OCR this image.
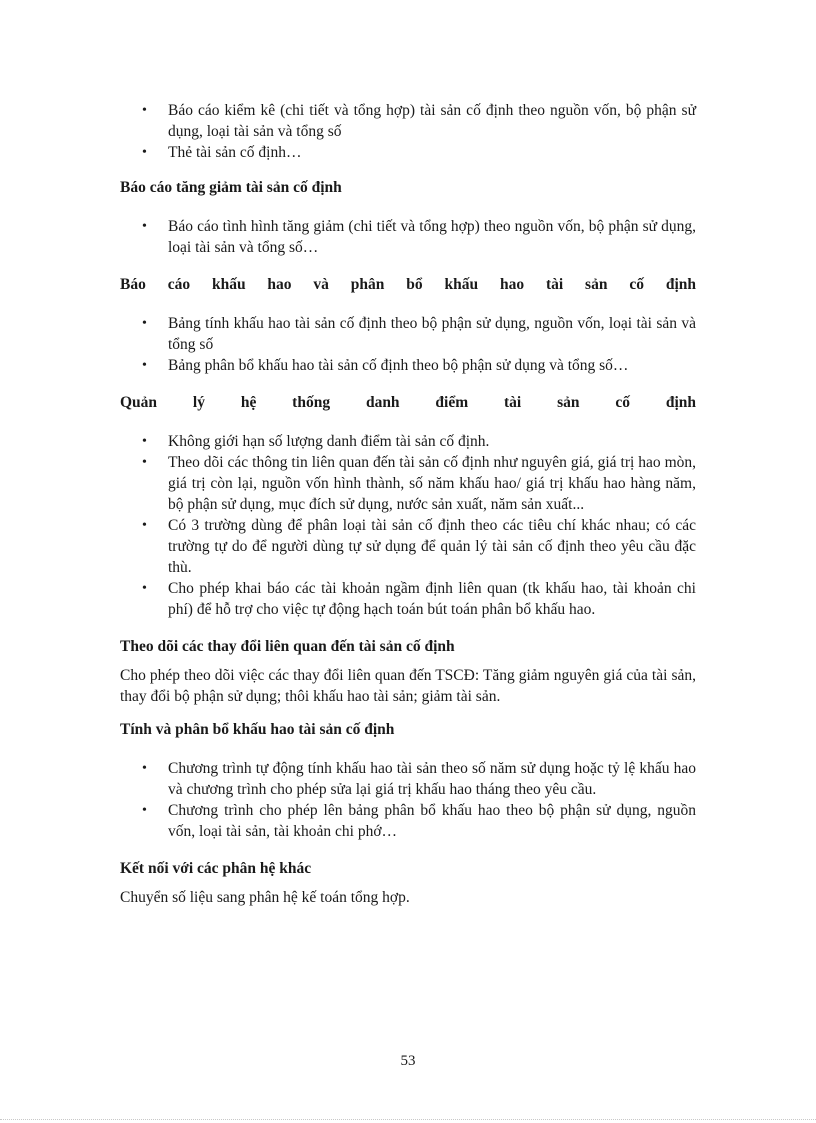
• Báo cáo kiểm kê (chi tiết và tổng hợp) tài sản cố định theo nguồn vốn, bộ phận sử dụng, loại tài sản và tổng số
• Thẻ tài sản cố định…
Báo cáo tăng giảm tài sản cố định
• Báo cáo tình hình tăng giảm (chi tiết và tổng hợp) theo nguồn vốn, bộ phận sử dụng, loại tài sản và tổng số…
Báo cáo khấu hao và phân bổ khấu hao tài sản cố định
• Bảng tính khấu hao tài sản cố định theo bộ phận sử dụng, nguồn vốn, loại tài sản và tổng số
• Bảng phân bổ khấu hao tài sản cố định theo bộ phận sử dụng và tổng số…
Quản lý hệ thống danh điểm tài sản cố định
• Không giới hạn số lượng danh điểm tài sản cố định.
• Theo dõi các thông tin liên quan đến tài sản cố định như nguyên giá, giá trị hao mòn, giá trị còn lại, nguồn vốn hình thành, số năm khấu hao/ giá trị khấu hao hàng năm, bộ phận sử dụng, mục đích sử dụng, nước sản xuất, năm sản xuất...
• Có 3 trường dùng để phân loại tài sản cố định theo các tiêu chí khác nhau; có các trường tự do để người dùng tự sử dụng để quản lý tài sản cố định theo yêu cầu đặc thù.
• Cho phép khai báo các tài khoản ngầm định liên quan (tk khấu hao, tài khoản chi phí) để hỗ trợ cho việc tự động hạch toán bút toán phân bổ khấu hao.
Theo dõi các thay đổi liên quan đến tài sản cố định

Cho phép theo dõi việc các thay đổi liên quan đến TSCĐ: Tăng giảm nguyên giá của tài sản, thay đổi bộ phận sử dụng; thôi khấu hao tài sản; giảm tài sản.

Tính và phân bổ khấu hao tài sản cố định
• Chương trình tự động tính khấu hao tài sản theo số năm sử dụng hoặc tỷ lệ khấu hao và chương trình cho phép sửa lại giá trị khấu hao tháng theo yêu cầu.
• Chương trình cho phép lên bảng phân bổ khấu hao theo bộ phận sử dụng, nguồn vốn, loại tài sản, tài khoản chi phớ…
Kết nối với các phân hệ khác

Chuyển số liệu sang phân hệ kế toán tổng hợp.

53
